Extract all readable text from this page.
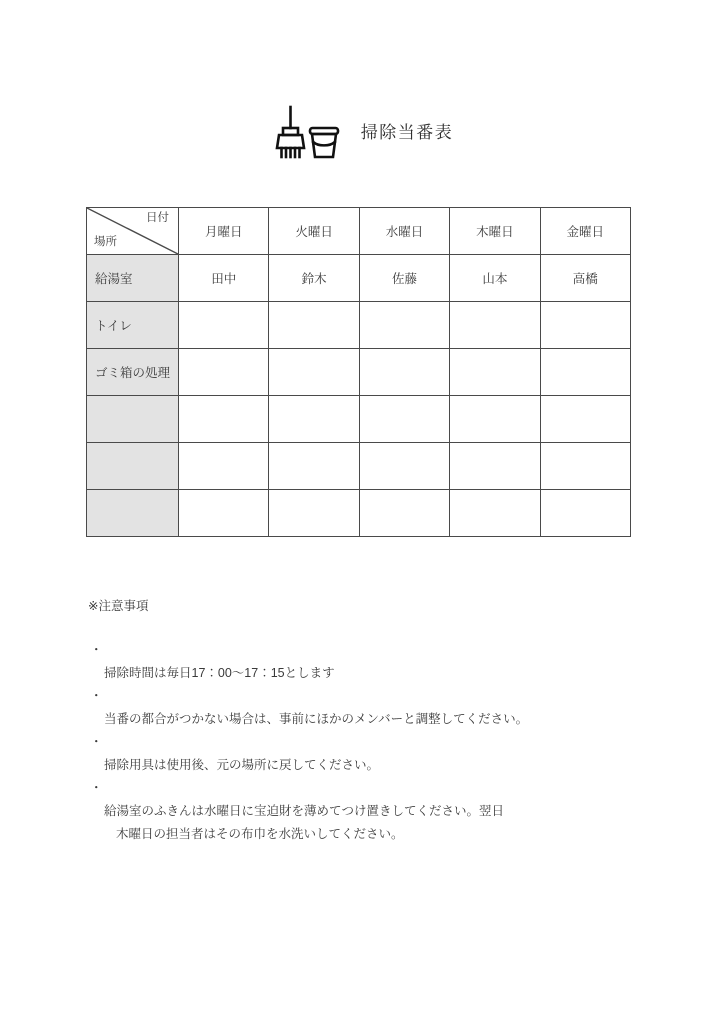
掃除当番表
日付
場所	月曜日	火曜日	水曜日	木曜日	金曜日
給湯室	田中	鈴木	佐藤	山本	高橋
トイレ					
ゴミ箱の処理					

※注意事項

・
掃除時間は毎日17：00〜17：15とします

・
当番の都合がつかない場合は、事前にほかのメンバーと調整してください。

・
掃除用具は使用後、元の場所に戻してください。

・
給湯室のふきんは水曜日に宝迫財を薄めてつけ置きしてください。翌日

木曜日の担当者はその布巾を水洗いしてください。
